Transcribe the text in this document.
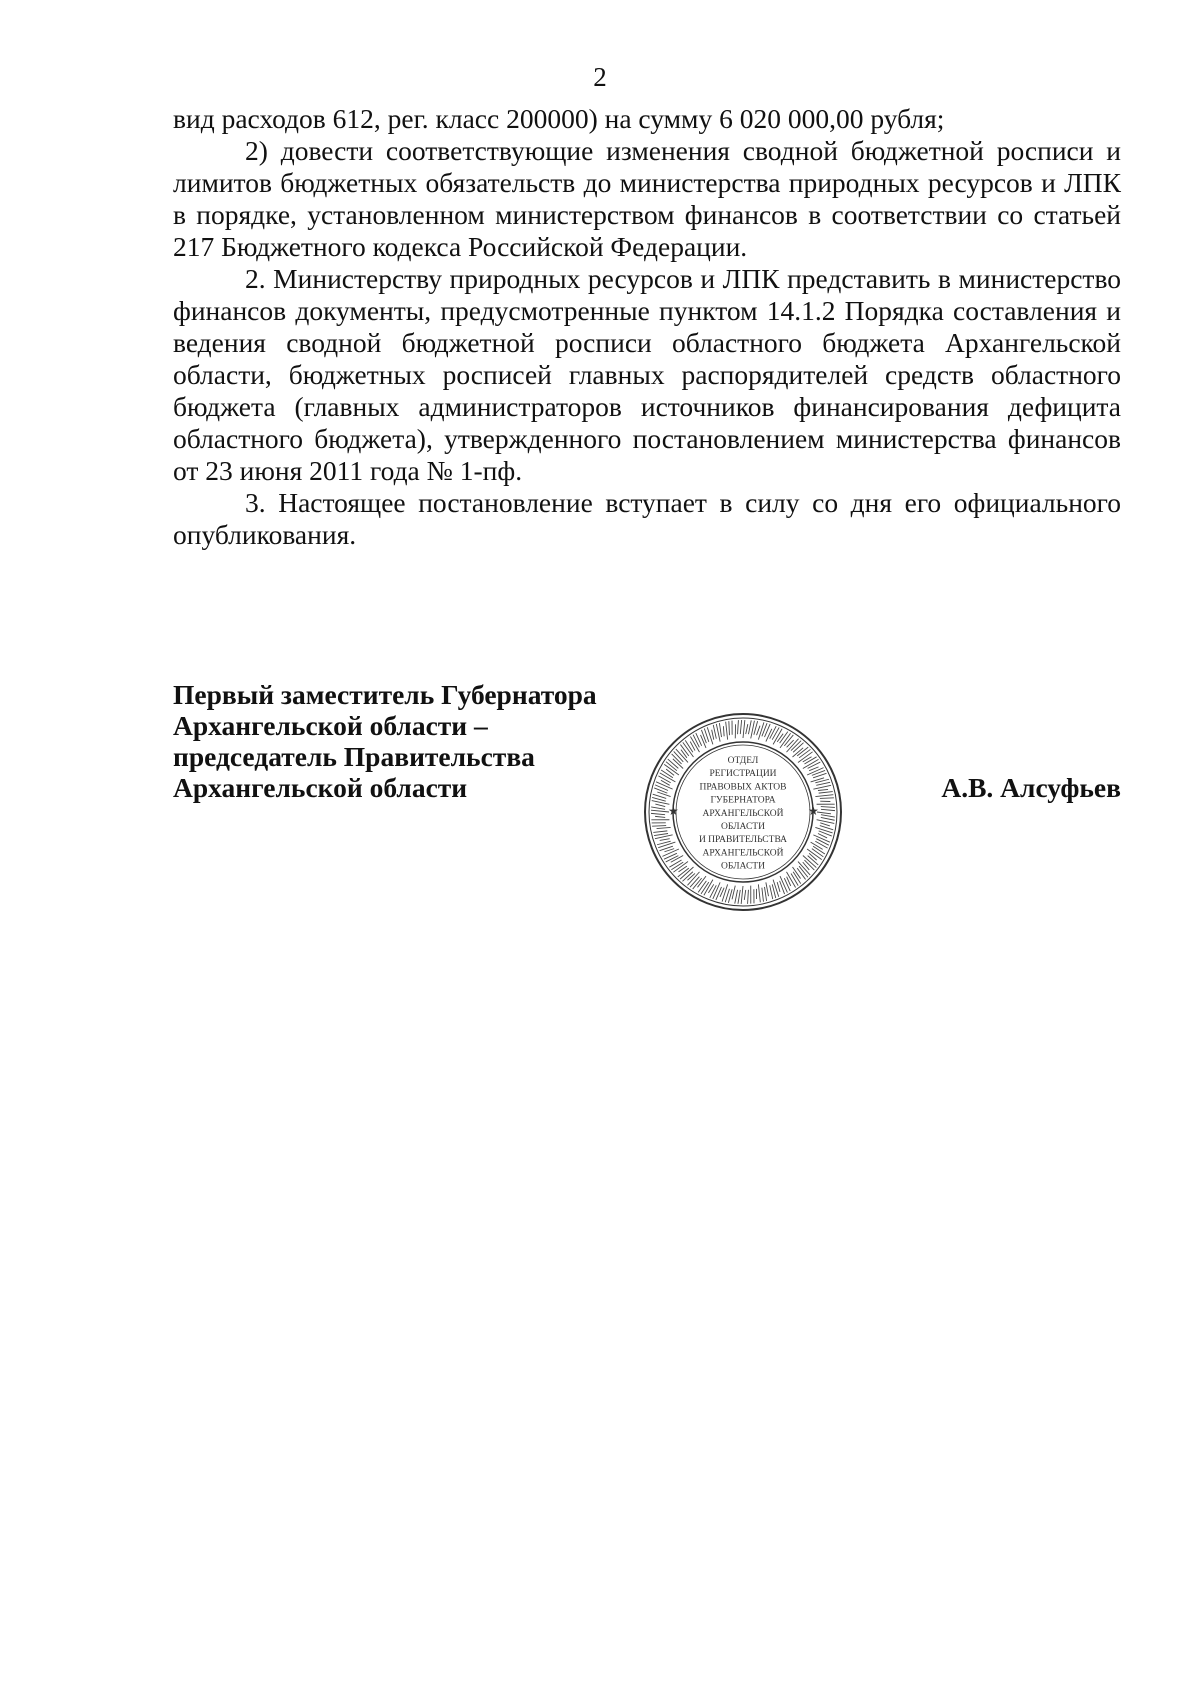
2

вид расходов 612, рег. класс 200000) на сумму 6 020 000,00 рубля;

2) довести соответствующие изменения сводной бюджетной росписи и лимитов бюджетных обязательств до министерства природных ресурсов и ЛПК в порядке, установленном министерством финансов в соответствии со статьей 217 Бюджетного кодекса Российской Федерации.

2. Министерству природных ресурсов и ЛПК представить в министерство финансов документы, предусмотренные пунктом 14.1.2 Порядка составления и ведения сводной бюджетной росписи областного бюджета Архангельской области, бюджетных росписей главных распорядителей средств областного бюджета (главных администраторов источников финансирования дефицита областного бюджета), утвержденного постановлением министерства финансов от 23 июня 2011 года № 1-пф.

3. Настоящее постановление вступает в силу со дня его официального опубликования.

Первый заместитель Губернатора
Архангельской области –
председатель Правительства
Архангельской области
ОТДЕЛ
РЕГИСТРАЦИИ
ПРАВОВЫХ АКТОВ
ГУБЕРНАТОРА
АРХАНГЕЛЬСКОЙ
ОБЛАСТИ
И ПРАВИТЕЛЬСТВА
АРХАНГЕЛЬСКОЙ
ОБЛАСТИ
★	★
А.В. Алсуфьев
